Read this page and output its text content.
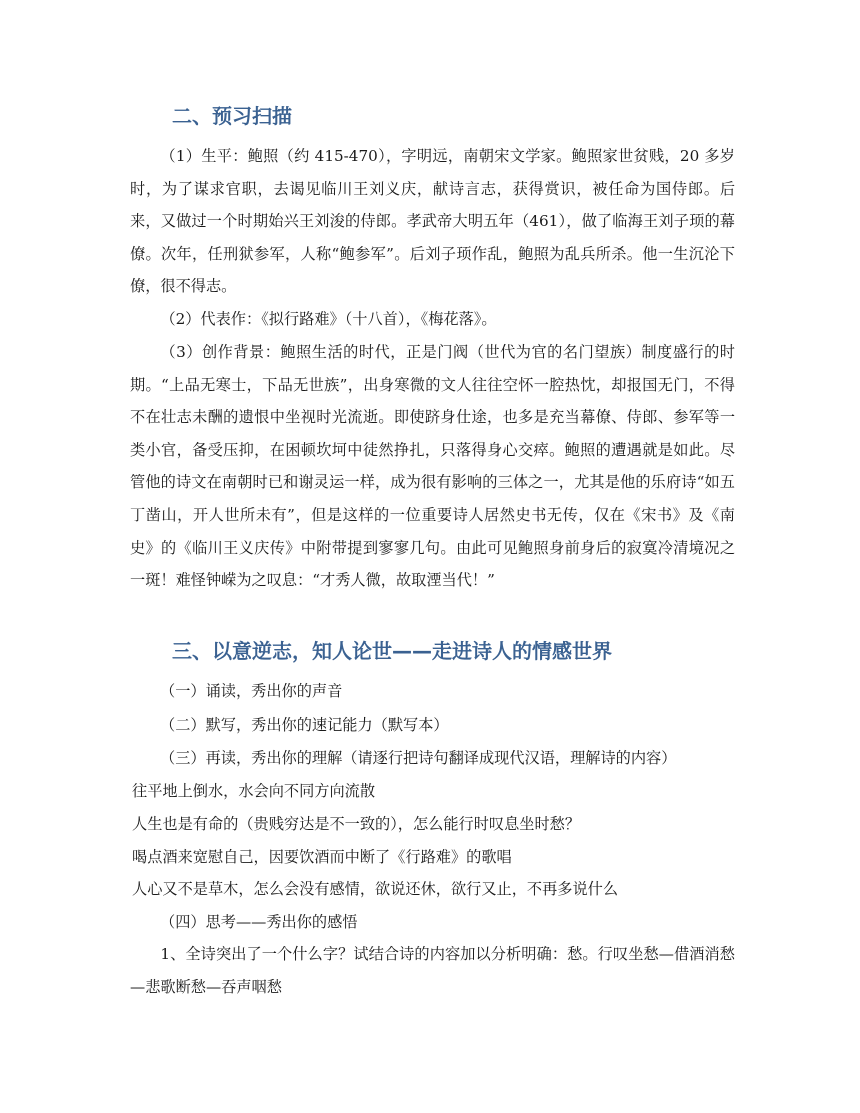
二、预习扫描

（1）生平：鲍照（约 415-470），字明远，南朝宋文学家。鲍照家世贫贱，20 多岁时，为了谋求官职，去谒见临川王刘义庆，献诗言志，获得赏识，被任命为国侍郎。后来，又做过一个时期始兴王刘浚的侍郎。孝武帝大明五年（461），做了临海王刘子顼的幕僚。次年，任刑狱参军，人称“鲍参军”。后刘子顼作乱，鲍照为乱兵所杀。他一生沉沦下僚，很不得志。

（2）代表作：《拟行路难》（十八首），《梅花落》。

（3）创作背景：鲍照生活的时代，正是门阀（世代为官的名门望族）制度盛行的时期。“上品无寒士，下品无世族”，出身寒微的文人往往空怀一腔热忱，却报国无门，不得不在壮志未酬的遗恨中坐视时光流逝。即使跻身仕途，也多是充当幕僚、侍郎、参军等一类小官，备受压抑，在困顿坎坷中徒然挣扎，只落得身心交瘁。鲍照的遭遇就是如此。尽管他的诗文在南朝时已和谢灵运一样，成为很有影响的三体之一，尤其是他的乐府诗“如五丁凿山，开人世所未有”，但是这样的一位重要诗人居然史书无传，仅在《宋书》及《南史》的《临川王义庆传》中附带提到寥寥几句。由此可见鲍照身前身后的寂寞冷清境况之一斑！难怪钟嵘为之叹息：“才秀人微，故取湮当代！”

三、以意逆志，知人论世——走进诗人的情感世界

（一）诵读，秀出你的声音

（二）默写，秀出你的速记能力（默写本）

（三）再读，秀出你的理解（请逐行把诗句翻译成现代汉语，理解诗的内容）

往平地上倒水，水会向不同方向流散

人生也是有命的（贵贱穷达是不一致的），怎么能行时叹息坐时愁？

喝点酒来宽慰自己，因要饮酒而中断了《行路难》的歌唱

人心又不是草木，怎么会没有感情，欲说还休，欲行又止，不再多说什么

（四）思考——秀出你的感悟

1、全诗突出了一个什么字？试结合诗的内容加以分析明确：愁。行叹坐愁—借酒消愁—悲歌断愁—吞声咽愁
